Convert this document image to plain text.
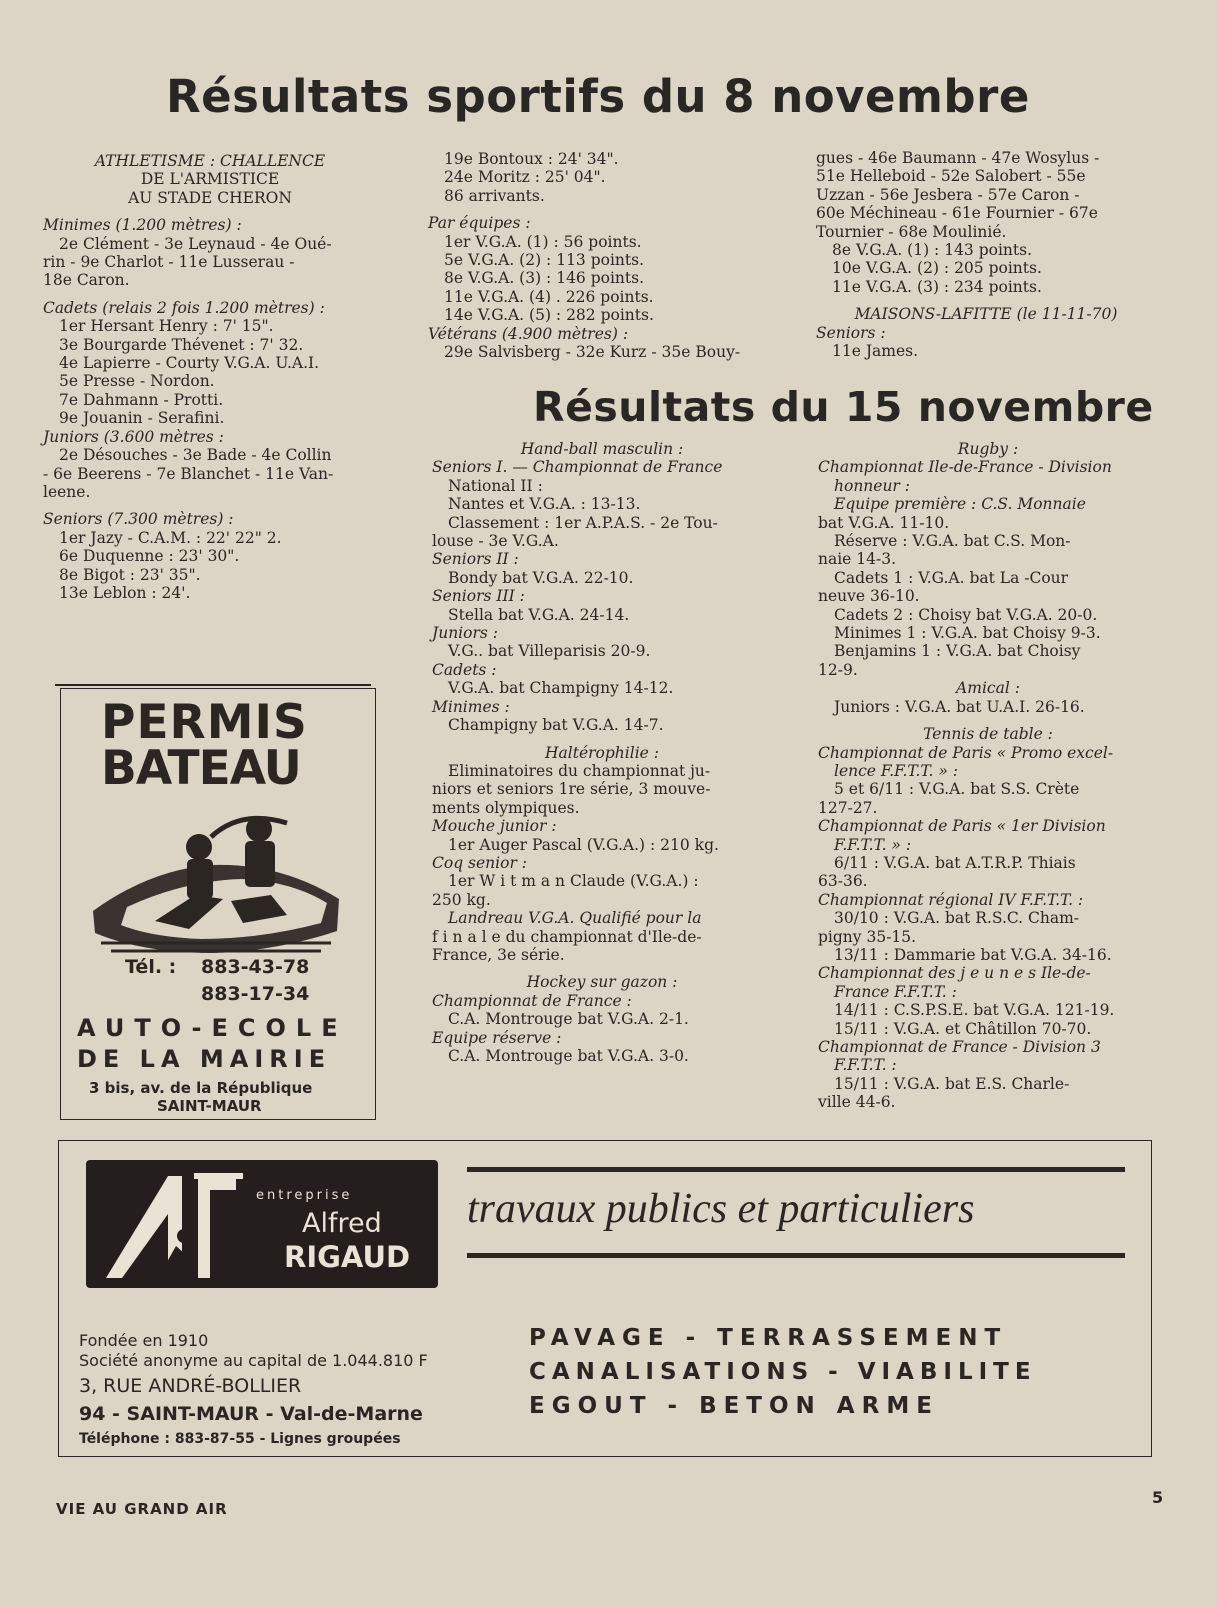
Résultats sportifs du 8 novembre
Résultats du 15 novembre
ATHLETISME : CHALLENCE
DE L'ARMISTICE
AU STADE CHERON
Minimes (1.200 mètres) :
2e Clément - 3e Leynaud - 4e Oué-
rin - 9e Charlot - 11e Lusserau -
18e Caron.
Cadets (relais 2 fois 1.200 mètres) :
1er Hersant Henry : 7' 15".
3e Bourgarde Thévenet : 7' 32.
4e Lapierre - Courty V.G.A. U.A.I.
5e Presse - Nordon.
7e Dahmann - Protti.
9e Jouanin - Serafini.
Juniors (3.600 mètres :
2e Désouches - 3e Bade - 4e Collin
- 6e Beerens - 7e Blanchet - 11e Van-
leene.
Seniors (7.300 mètres) :
1er Jazy - C.A.M. : 22' 22" 2.
6e Duquenne : 23' 30".
8e Bigot : 23' 35".
13e Leblon : 24'.
19e Bontoux : 24' 34".
24e Moritz : 25' 04".
86 arrivants.
Par équipes :
1er V.G.A. (1) : 56 points.
5e V.G.A. (2) : 113 points.
8e V.G.A. (3) : 146 points.
11e V.G.A. (4) . 226 points.
14e V.G.A. (5) : 282 points.
Vétérans (4.900 mètres) :
29e Salvisberg - 32e Kurz - 35e Bouy-
gues - 46e Baumann - 47e Wosylus -
51e Helleboid - 52e Salobert - 55e
Uzzan - 56e Jesbera - 57e Caron -
60e Méchineau - 61e Fournier - 67e
Tournier - 68e Moulinié.
8e V.G.A. (1) : 143 points.
10e V.G.A. (2) : 205 points.
11e V.G.A. (3) : 234 points.
MAISONS-LAFITTE (le 11-11-70)
Seniors :
11e James.
Hand-ball masculin :
Seniors I. — Championnat de France
National II :
Nantes et V.G.A. : 13-13.
Classement : 1er A.P.A.S. - 2e Tou-
louse - 3e V.G.A.
Seniors II :
Bondy bat V.G.A. 22-10.
Seniors III :
Stella bat V.G.A. 24-14.
Juniors :
V.G.. bat Villeparisis 20-9.
Cadets :
V.G.A. bat Champigny 14-12.
Minimes :
Champigny bat V.G.A. 14-7.
Haltérophilie :
Eliminatoires du championnat ju-
niors et seniors 1re série, 3 mouve-
ments olympiques.
Mouche junior :
1er Auger Pascal (V.G.A.) : 210 kg.
Coq senior :
1er W i t m a n Claude (V.G.A.) :
250 kg.
Landreau V.G.A. Qualifié pour la
f i n a l e du championnat d'Ile-de-
France, 3e série.
Hockey sur gazon :
Championnat de France :
C.A. Montrouge bat V.G.A. 2-1.
Equipe réserve :
C.A. Montrouge bat V.G.A. 3-0.
Rugby :
Championnat Ile-de-France - Division
honneur :
Equipe première : C.S. Monnaie
bat V.G.A. 11-10.
Réserve : V.G.A. bat C.S. Mon-
naie 14-3.
Cadets 1 : V.G.A. bat La -Cour
neuve 36-10.
Cadets 2 : Choisy bat V.G.A. 20-0.
Minimes 1 : V.G.A. bat Choisy 9-3.
Benjamins 1 : V.G.A. bat Choisy
12-9.
Amical :
Juniors : V.G.A. bat U.A.I. 26-16.
Tennis de table :
Championnat de Paris « Promo excel-
lence F.F.T.T. » :
5 et 6/11 : V.G.A. bat S.S. Crète
127-27.
Championnat de Paris « 1er Division
F.F.T.T. » :
6/11 : V.G.A. bat A.T.R.P. Thiais
63-36.
Championnat régional IV F.F.T.T. :
30/10 : V.G.A. bat R.S.C. Cham-
pigny 35-15.
13/11 : Dammarie bat V.G.A. 34-16.
Championnat des j e u n e s Ile-de-
France F.F.T.T. :
14/11 : C.S.P.S.E. bat V.G.A. 121-19.
15/11 : V.G.A. et Châtillon 70-70.
Championnat de France - Division 3
F.F.T.T. :
15/11 : V.G.A. bat E.S. Charle-
ville 44-6.
PERMIS
BATEAU
Tél. : 883-43-78
883-17-34
AUTO-ECOLE
DE LA MAIRIE
3 bis, av. de la République
SAINT-MAUR
entreprise
Alfred
RIGAUD
travaux publics et particuliers
Fondée en 1910
Société anonyme au capital de 1.044.810 F
3, RUE ANDRÉ-BOLLIER
94 - SAINT-MAUR - Val-de-Marne
Téléphone : 883-87-55 - Lignes groupées
PAVAGE - TERRASSEMENT
CANALISATIONS - VIABILITE
EGOUT - BETON ARME
VIE AU GRAND AIR
5
